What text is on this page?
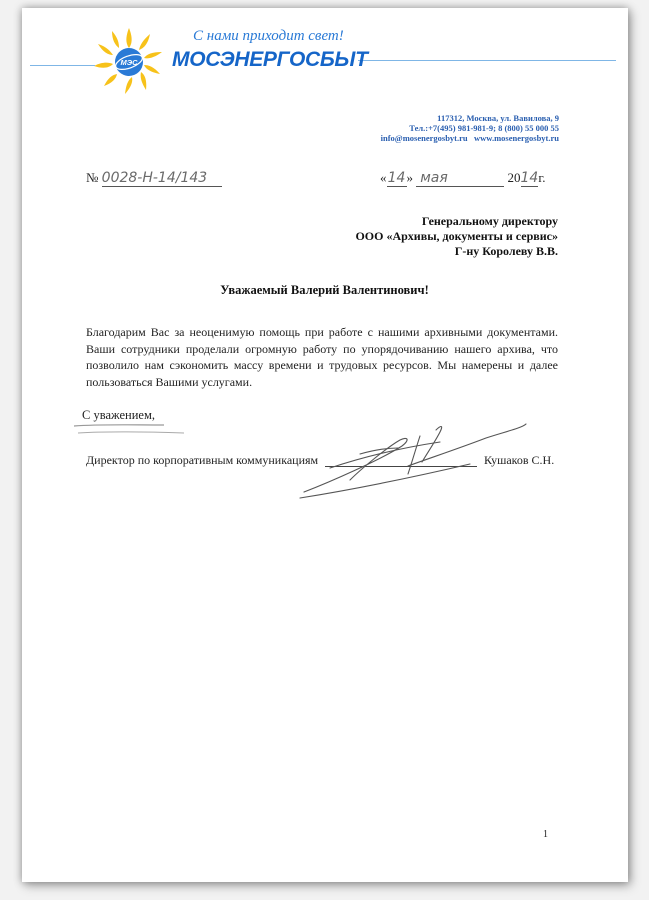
МЭС
С нами приходит свет!
МОСЭНЕРГОСБЫТ
117312, Москва, ул. Вавилова, 9
Тел.:+7(495) 981-981-9; 8 (800) 55 000 55
info@mosenergosbyt.ru   www.mosenergosbyt.ru
№ 0028-Н-14/143	«14» мая	2014г.
Генеральному директору
ООО «Архивы, документы и сервис»
Г-ну Королеву В.В.
Уважаемый Валерий Валентинович!
Благодарим Вас за неоценимую помощь при работе с нашими архивными документами. Ваши сотрудники проделали огромную работу по упорядочиванию нашего архива, что позволило нам сэкономить массу времени и трудовых ресурсов. Мы намерены и далее пользоваться Вашими услугами.
С уважением,
Директор по корпоративным коммуникациям	Кушаков С.Н.
1
